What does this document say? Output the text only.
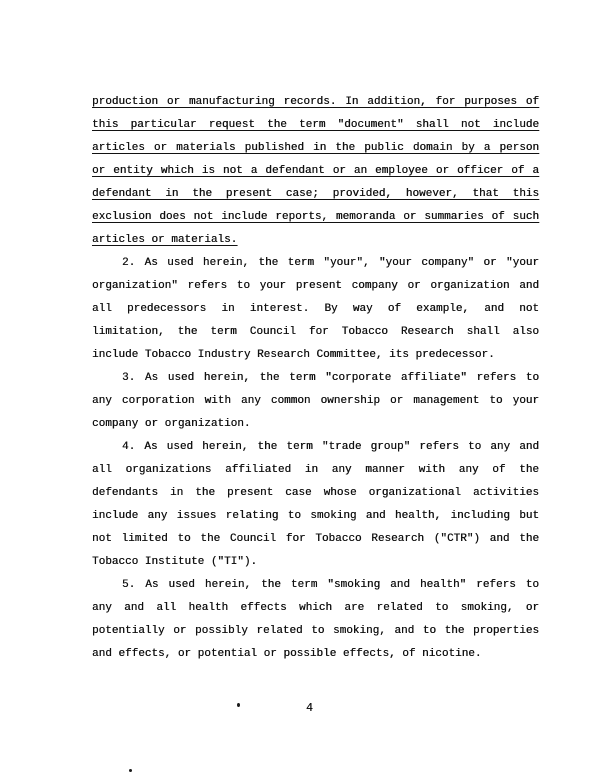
production or manufacturing records. In addition, for purposes of
this particular request the term "document" shall not include
articles or materials published in the public domain by a person
or entity which is not a defendant or an employee or officer of a
defendant in the present case; provided, however, that this
exclusion does not include reports, memoranda or summaries of such
articles or materials.
2. As used herein, the term "your", "your company" or "your
organization" refers to your present company or organization and
all predecessors in interest. By way of example, and not
limitation, the term Council for Tobacco Research shall also
include Tobacco Industry Research Committee, its predecessor.
3. As used herein, the term "corporate affiliate" refers to
any corporation with any common ownership or management to your
company or organization.
4. As used herein, the term "trade group" refers to any and
all organizations affiliated in any manner with any of the
defendants in the present case whose organizational activities
include any issues relating to smoking and health, including but
not limited to the Council for Tobacco Research ("CTR") and the
Tobacco Institute ("TI").
5. As used herein, the term "smoking and health" refers to
any and all health effects which are related to smoking, or
potentially or possibly related to smoking, and to the properties
and effects, or potential or possible effects, of nicotine.
4
